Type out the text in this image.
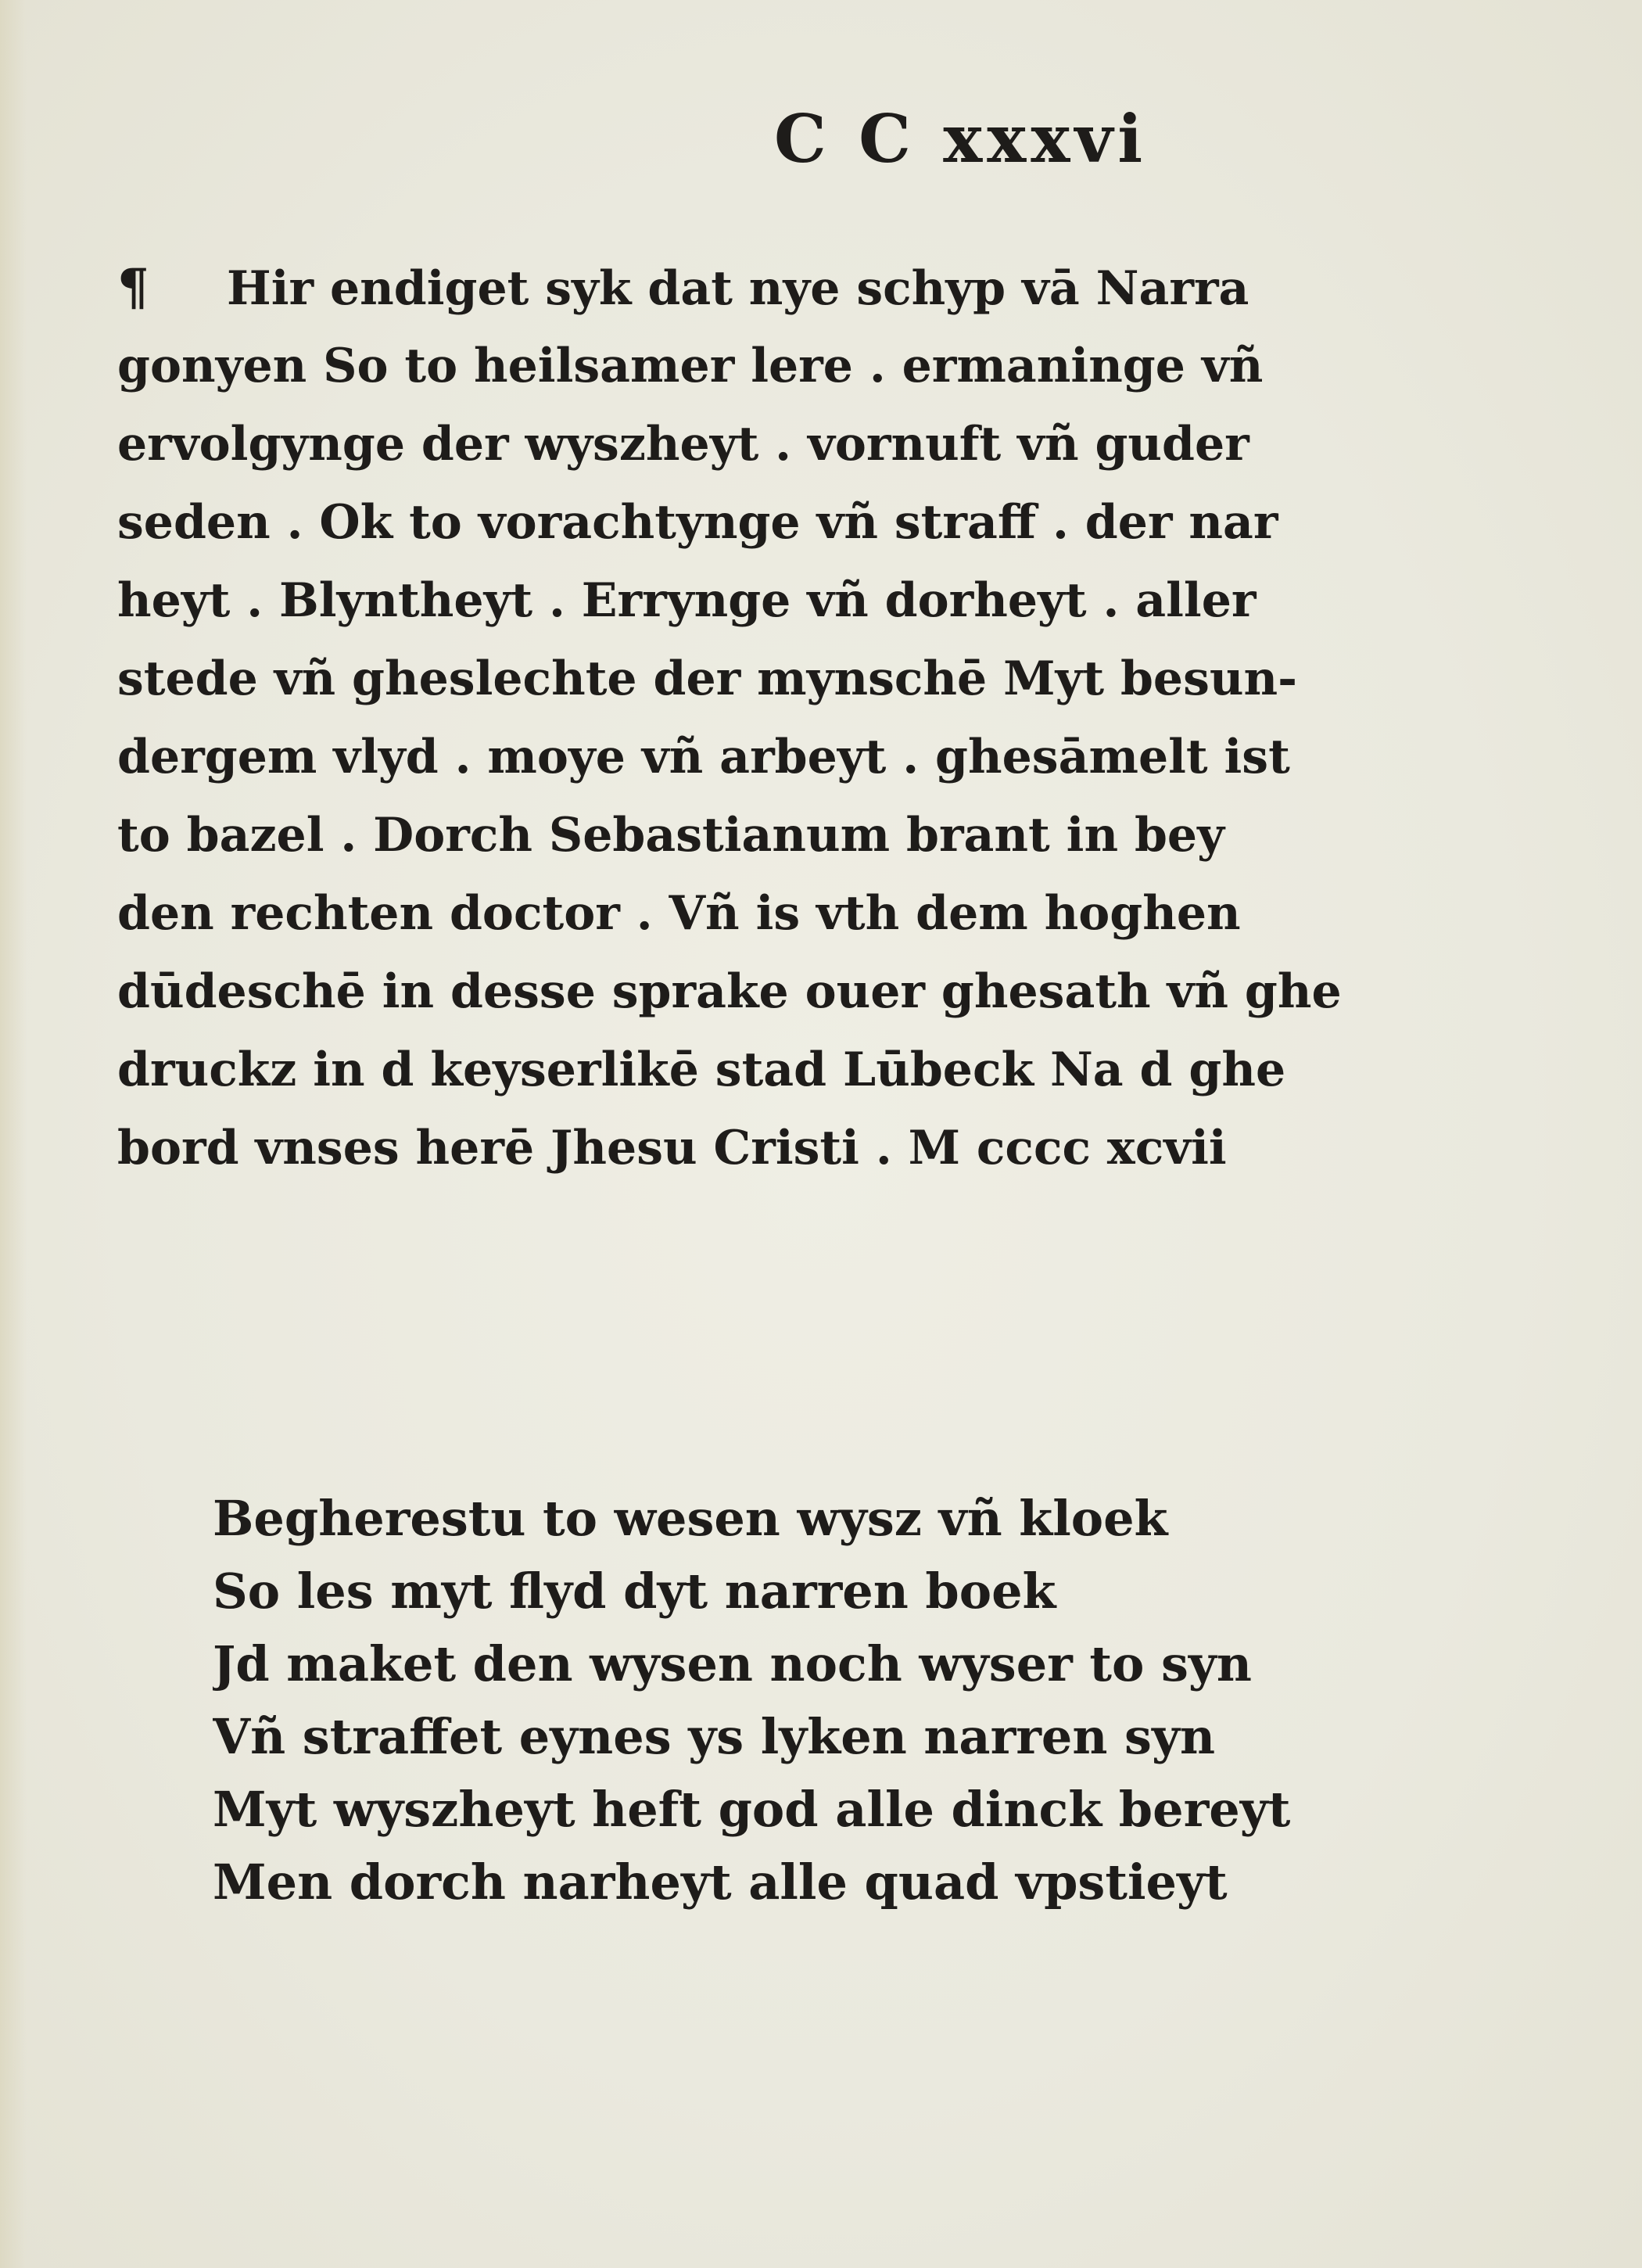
C C xxxvi
¶ Hir endiget syk dat nye schyp vā Narra
gonyen So to heilsamer lere . ermaninge vñ
ervolgynge der wyszheyt . vornuft vñ guder
seden . Ok to vorachtynge vñ straff . der nar
heyt . Blyntheyt . Errynge vñ dorheyt . aller
stede vñ gheslechte der mynschē Myt besun-
dergem vlyd . moye vñ arbeyt . ghesāmelt ist
to bazel . Dorch Sebastianum brant in bey
den rechten doctor . Vñ is vth dem hoghen
dūdeschē in desse sprake ouer ghesath vñ ghe
druckz in d keyserlikē stad Lūbeck Na d ghe
bord vnses herē Jhesu Cristi . M cccc xcvii
Begherestu to wesen wysz vñ kloek
So les myt flyd dyt narren boek
Jd maket den wysen noch wyser to syn
Vñ straffet eynes ys lyken narren syn
Myt wyszheyt heft god alle dinck bereyt
Men dorch narheyt alle quad vpstieyt
